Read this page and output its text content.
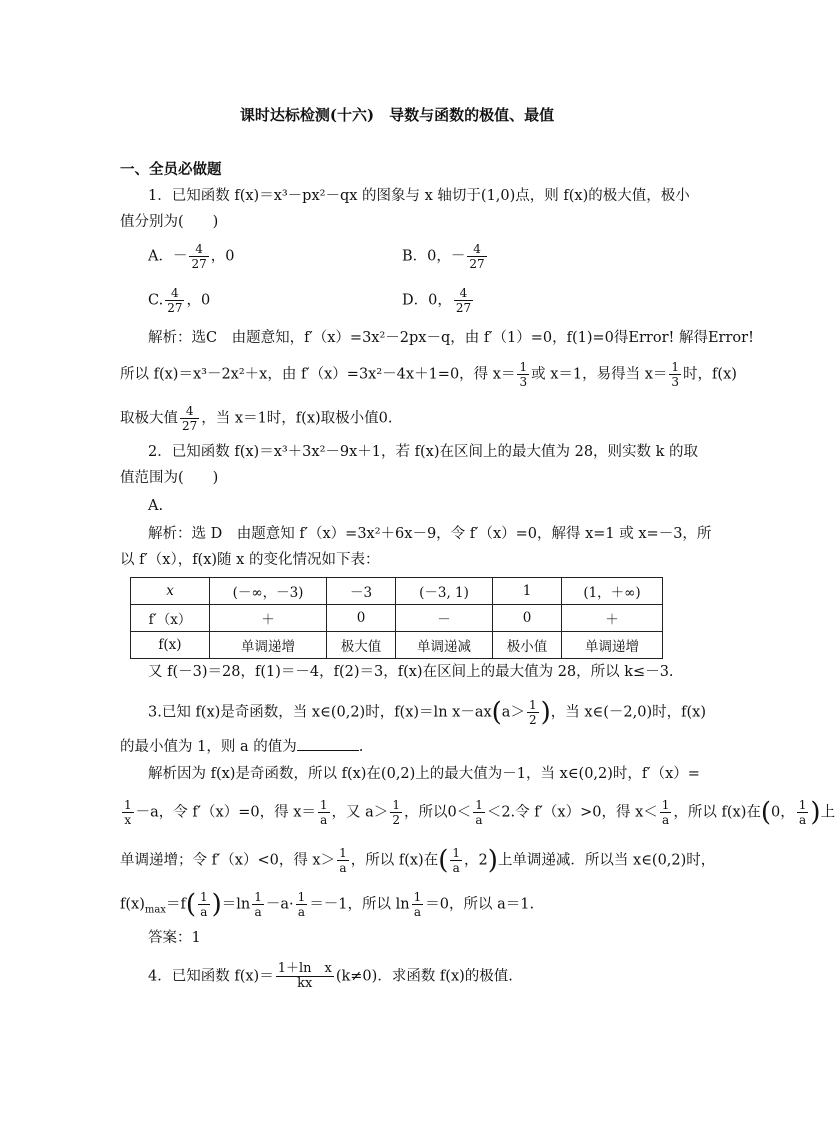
课时达标检测(十六)　导数与函数的极值、最值
一、全员必做题
1．已知函数 f(x)＝x³－px²－qx 的图象与 x 轴切于(1,0)点，则 f(x)的极大值，极小
值分别为(　　)
A．－ $\frac{4}{27}$ ，0	B．0，－ $\frac{4}{27}$
C. $\frac{4}{27}$ ，0	D．0， $\frac{4}{27}$
解析：选C　由题意知，f′（x）=3x²－2px－q，由 f′（1）=0，f(1)=0得Error! 解得Error!
所以 f(x)＝x³－2x²＋x，由 f′（x）=3x²－4x＋1=0，得 $x= \frac{1}{3}$ 或 x＝1，易得当 $x= \frac{1}{3}$ 时，f(x)
取极大值 $\frac{4}{27}$ ，当 x＝1时，f(x)取极小值0.
2．已知函数 f(x)＝x³＋3x²－9x＋1，若 f(x)在区间上的最大值为 28，则实数 k 的取
值范围为(　　)
A.
解析：选 D　由题意知 f′（x）=3x²＋6x－9，令 f′（x）=0，解得 x=1 或 x=－3，所
以 f′（x），f(x)随 x 的变化情况如下表：
x	(－∞，－3)	－3	(－3, 1)	1	(1，＋∞)
f′（x）	＋	0	－	0	＋
f(x)	单调递增	极大值	单调递减	极小值	单调递增
又 f(－3)＝28，f(1)＝－4，f(2)＝3，f(x)在区间上的最大值为 28，所以 k≤－3.
3.已知 f(x)是奇函数，当 x∈(0,2)时，f(x)＝ln $x-ax(a> \frac{1}{2}$ )，当 x∈(－2,0)时，f(x)
的最小值为 1，则 a 的值为	.
解析因为 f(x)是奇函数，所以 f(x)在(0,2)上的最大值为－1，当 x∈(0,2)时，f′（x）=
$\frac{1}{x} -a$，令 f′（x）=0，得 $x= \frac{1}{a}$ ，又 $a> \frac{1}{2}$ ，所以$0< \frac{1}{a} <2$.令 f′（x）>0，得 $x< \frac{1}{a}$ ，所以 f(x)在(0， $\frac{1}{a}$ )上
单调递增；令 f′（x）<0，得 $x> \frac{1}{a}$ ，所以 f(x)在( $\frac{1}{a}$ ，2)上单调递减．所以当 x∈(0,2)时，
$f(x)_{max}=f( \frac{1}{a} )=\ln \frac{1}{a} -a\cdot \frac{1}{a} =-1$，所以 $\ln \frac{1}{a} =0$，所以 a＝1.
答案：1
4．已知函数 $f(x)= \frac{\text{1＋ln　x}}{kx} (k\ne 0)$．求函数 f(x)的极值.
